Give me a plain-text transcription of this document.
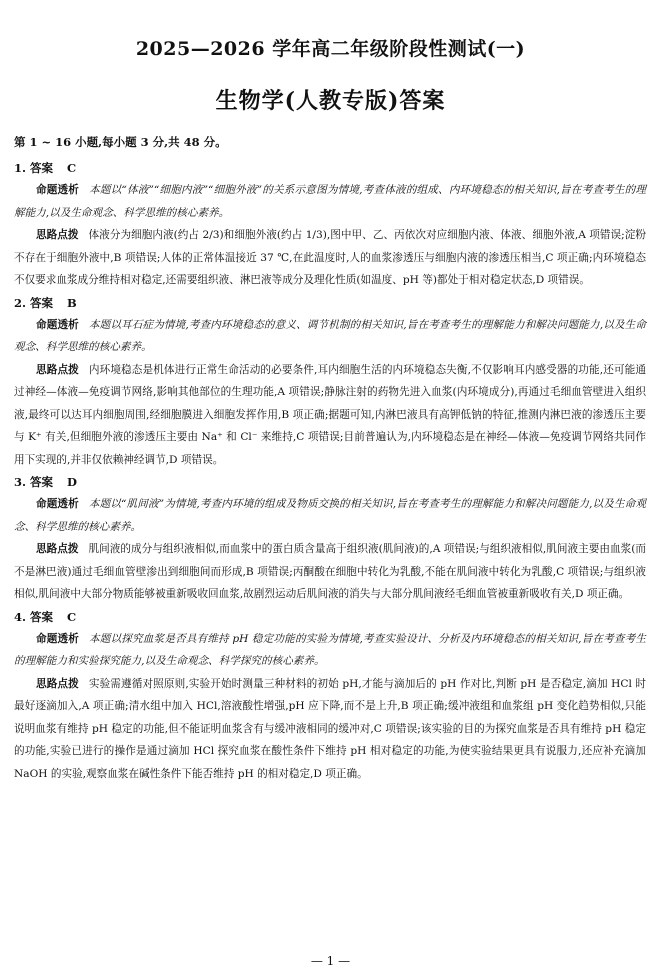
2025—2026 学年高二年级阶段性测试(一)
生物学(人教专版)答案
第 1 ~ 16 小题,每小题 3 分,共 48 分。
1. 答案 C

命题透析 本题以“体液”“细胞内液”“细胞外液”的关系示意图为情境,考查体液的组成、内环境稳态的相关知识,旨在考查考生的理解能力,以及生命观念、科学思维的核心素养。

思路点拨 体液分为细胞内液(约占 2/3)和细胞外液(约占 1/3),图中甲、乙、丙依次对应细胞内液、体液、细胞外液,A 项错误;淀粉不存在于细胞外液中,B 项错误;人体的正常体温接近 37 ℃,在此温度时,人的血浆渗透压与细胞内液的渗透压相当,C 项正确;内环境稳态不仅要求血浆成分维持相对稳定,还需要组织液、淋巴液等成分及理化性质(如温度、pH 等)都处于相对稳定状态,D 项错误。

2. 答案 B

命题透析 本题以耳石症为情境,考查内环境稳态的意义、调节机制的相关知识,旨在考查考生的理解能力和解决问题能力,以及生命观念、科学思维的核心素养。

思路点拨 内环境稳态是机体进行正常生命活动的必要条件,耳内细胞生活的内环境稳态失衡,不仅影响耳内感受器的功能,还可能通过神经—体液—免疫调节网络,影响其他部位的生理功能,A 项错误;静脉注射的药物先进入血浆(内环境成分),再通过毛细血管壁进入组织液,最终可以达耳内细胞周围,经细胞膜进入细胞发挥作用,B 项正确;据题可知,内淋巴液具有高钾低钠的特征,推测内淋巴液的渗透压主要与 K⁺ 有关,但细胞外液的渗透压主要由 Na⁺ 和 Cl⁻ 来维持,C 项错误;目前普遍认为,内环境稳态是在神经—体液—免疫调节网络共同作用下实现的,并非仅依赖神经调节,D 项错误。

3. 答案 D

命题透析 本题以“肌间液”为情境,考查内环境的组成及物质交换的相关知识,旨在考查考生的理解能力和解决问题能力,以及生命观念、科学思维的核心素养。

思路点拨 肌间液的成分与组织液相似,而血浆中的蛋白质含量高于组织液(肌间液)的,A 项错误;与组织液相似,肌间液主要由血浆(而不是淋巴液)通过毛细血管壁渗出到细胞间而形成,B 项错误;丙酮酸在细胞中转化为乳酸,不能在肌间液中转化为乳酸,C 项错误;与组织液相似,肌间液中大部分物质能够被重新吸收回血浆,故剧烈运动后肌间液的消失与大部分肌间液经毛细血管被重新吸收有关,D 项正确。

4. 答案 C

命题透析 本题以探究血浆是否具有维持 pH 稳定功能的实验为情境,考查实验设计、分析及内环境稳态的相关知识,旨在考查考生的理解能力和实验探究能力,以及生命观念、科学探究的核心素养。

思路点拨 实验需遵循对照原则,实验开始时测量三种材料的初始 pH,才能与滴加后的 pH 作对比,判断 pH 是否稳定,滴加 HCl 时最好逐滴加入,A 项正确;清水组中加入 HCl,溶液酸性增强,pH 应下降,而不是上升,B 项正确;缓冲液组和血浆组 pH 变化趋势相似,只能说明血浆有维持 pH 稳定的功能,但不能证明血浆含有与缓冲液相同的缓冲对,C 项错误;该实验的目的为探究血浆是否具有维持 pH 稳定的功能,实验已进行的操作是通过滴加 HCl 探究血浆在酸性条件下维持 pH 相对稳定的功能,为使实验结果更具有说服力,还应补充滴加 NaOH 的实验,观察血浆在碱性条件下能否维持 pH 的相对稳定,D 项正确。

— 1 —
